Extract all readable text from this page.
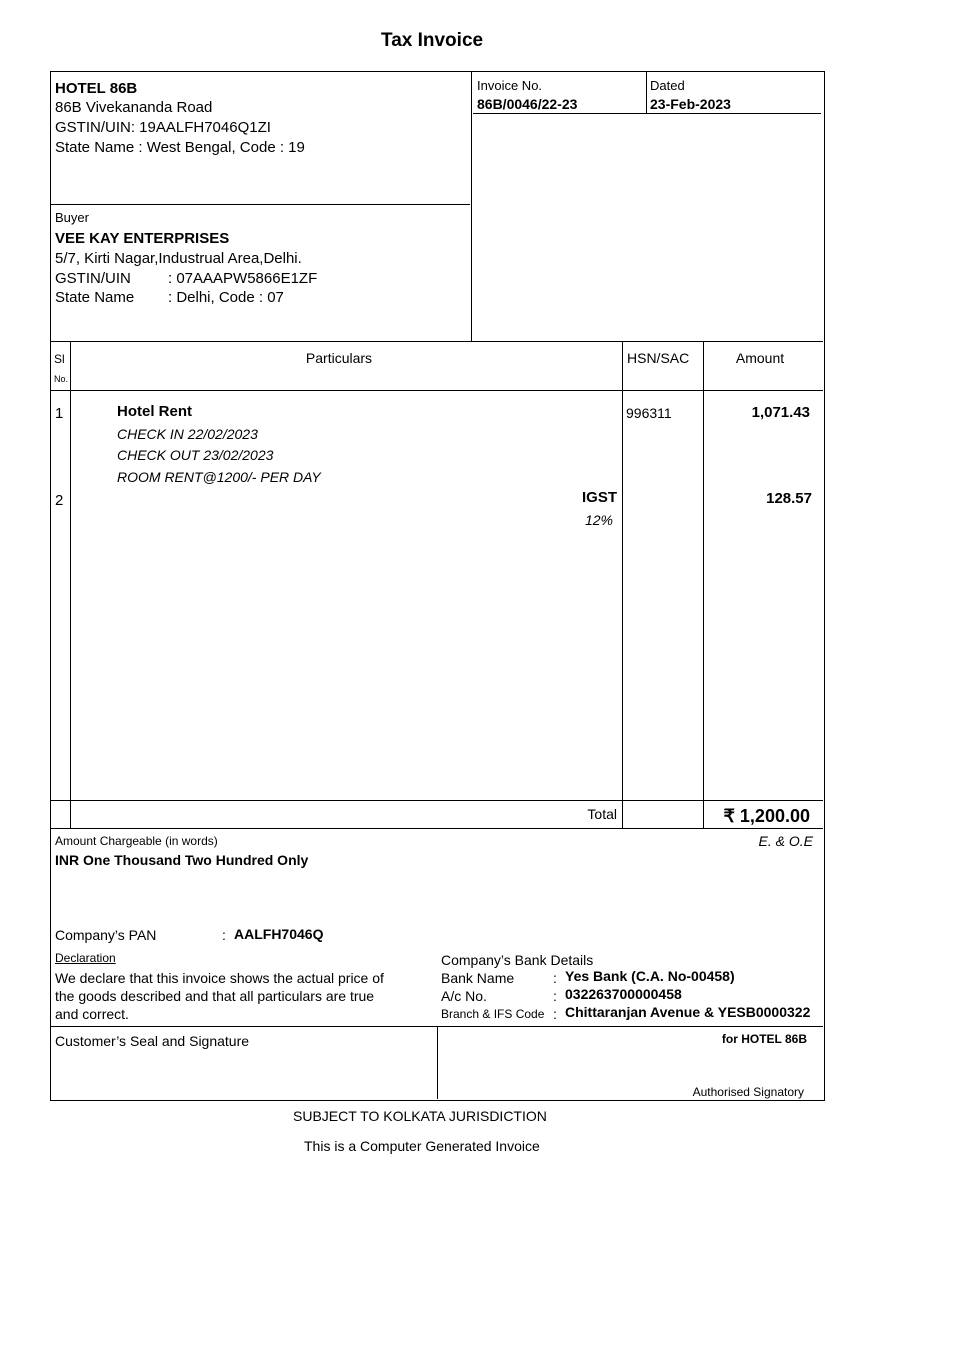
Tax Invoice
HOTEL 86B
86B Vivekananda Road
GSTIN/UIN: 19AALFH7046Q1ZI
State Name : West Bengal, Code : 19
Invoice No.
86B/0046/22-23
Dated
23-Feb-2023
Buyer
VEE KAY ENTERPRISES
5/7, Kirti Nagar,Industrual Area,Delhi.
GSTIN/UIN : 07AAAPW5866E1ZF
State Name : Delhi, Code : 07
Sl
No.
Particulars	HSN/SAC	Amount
1	Hotel Rent
CHECK IN 22/02/2023
CHECK OUT 23/02/2023
ROOM RENT@1200/- PER DAY
996311	1,071.43
2	IGST
12%
128.57
Total	₹ 1,200.00
Amount Chargeable (in words)	E. & O.E
INR One Thousand Two Hundred Only
Company’s PAN	: AALFH7046Q
Declaration
We declare that this invoice shows the actual price of
the goods described and that all particulars are true
and correct.
Company’s Bank Details
Bank Name	: Yes Bank (C.A. No-00458)
A/c No.	: 032263700000458
Branch & IFS Code : Chittaranjan Avenue & YESB0000322
Customer’s Seal and Signature	for HOTEL 86B
Authorised Signatory
SUBJECT TO KOLKATA JURISDICTION
This is a Computer Generated Invoice
